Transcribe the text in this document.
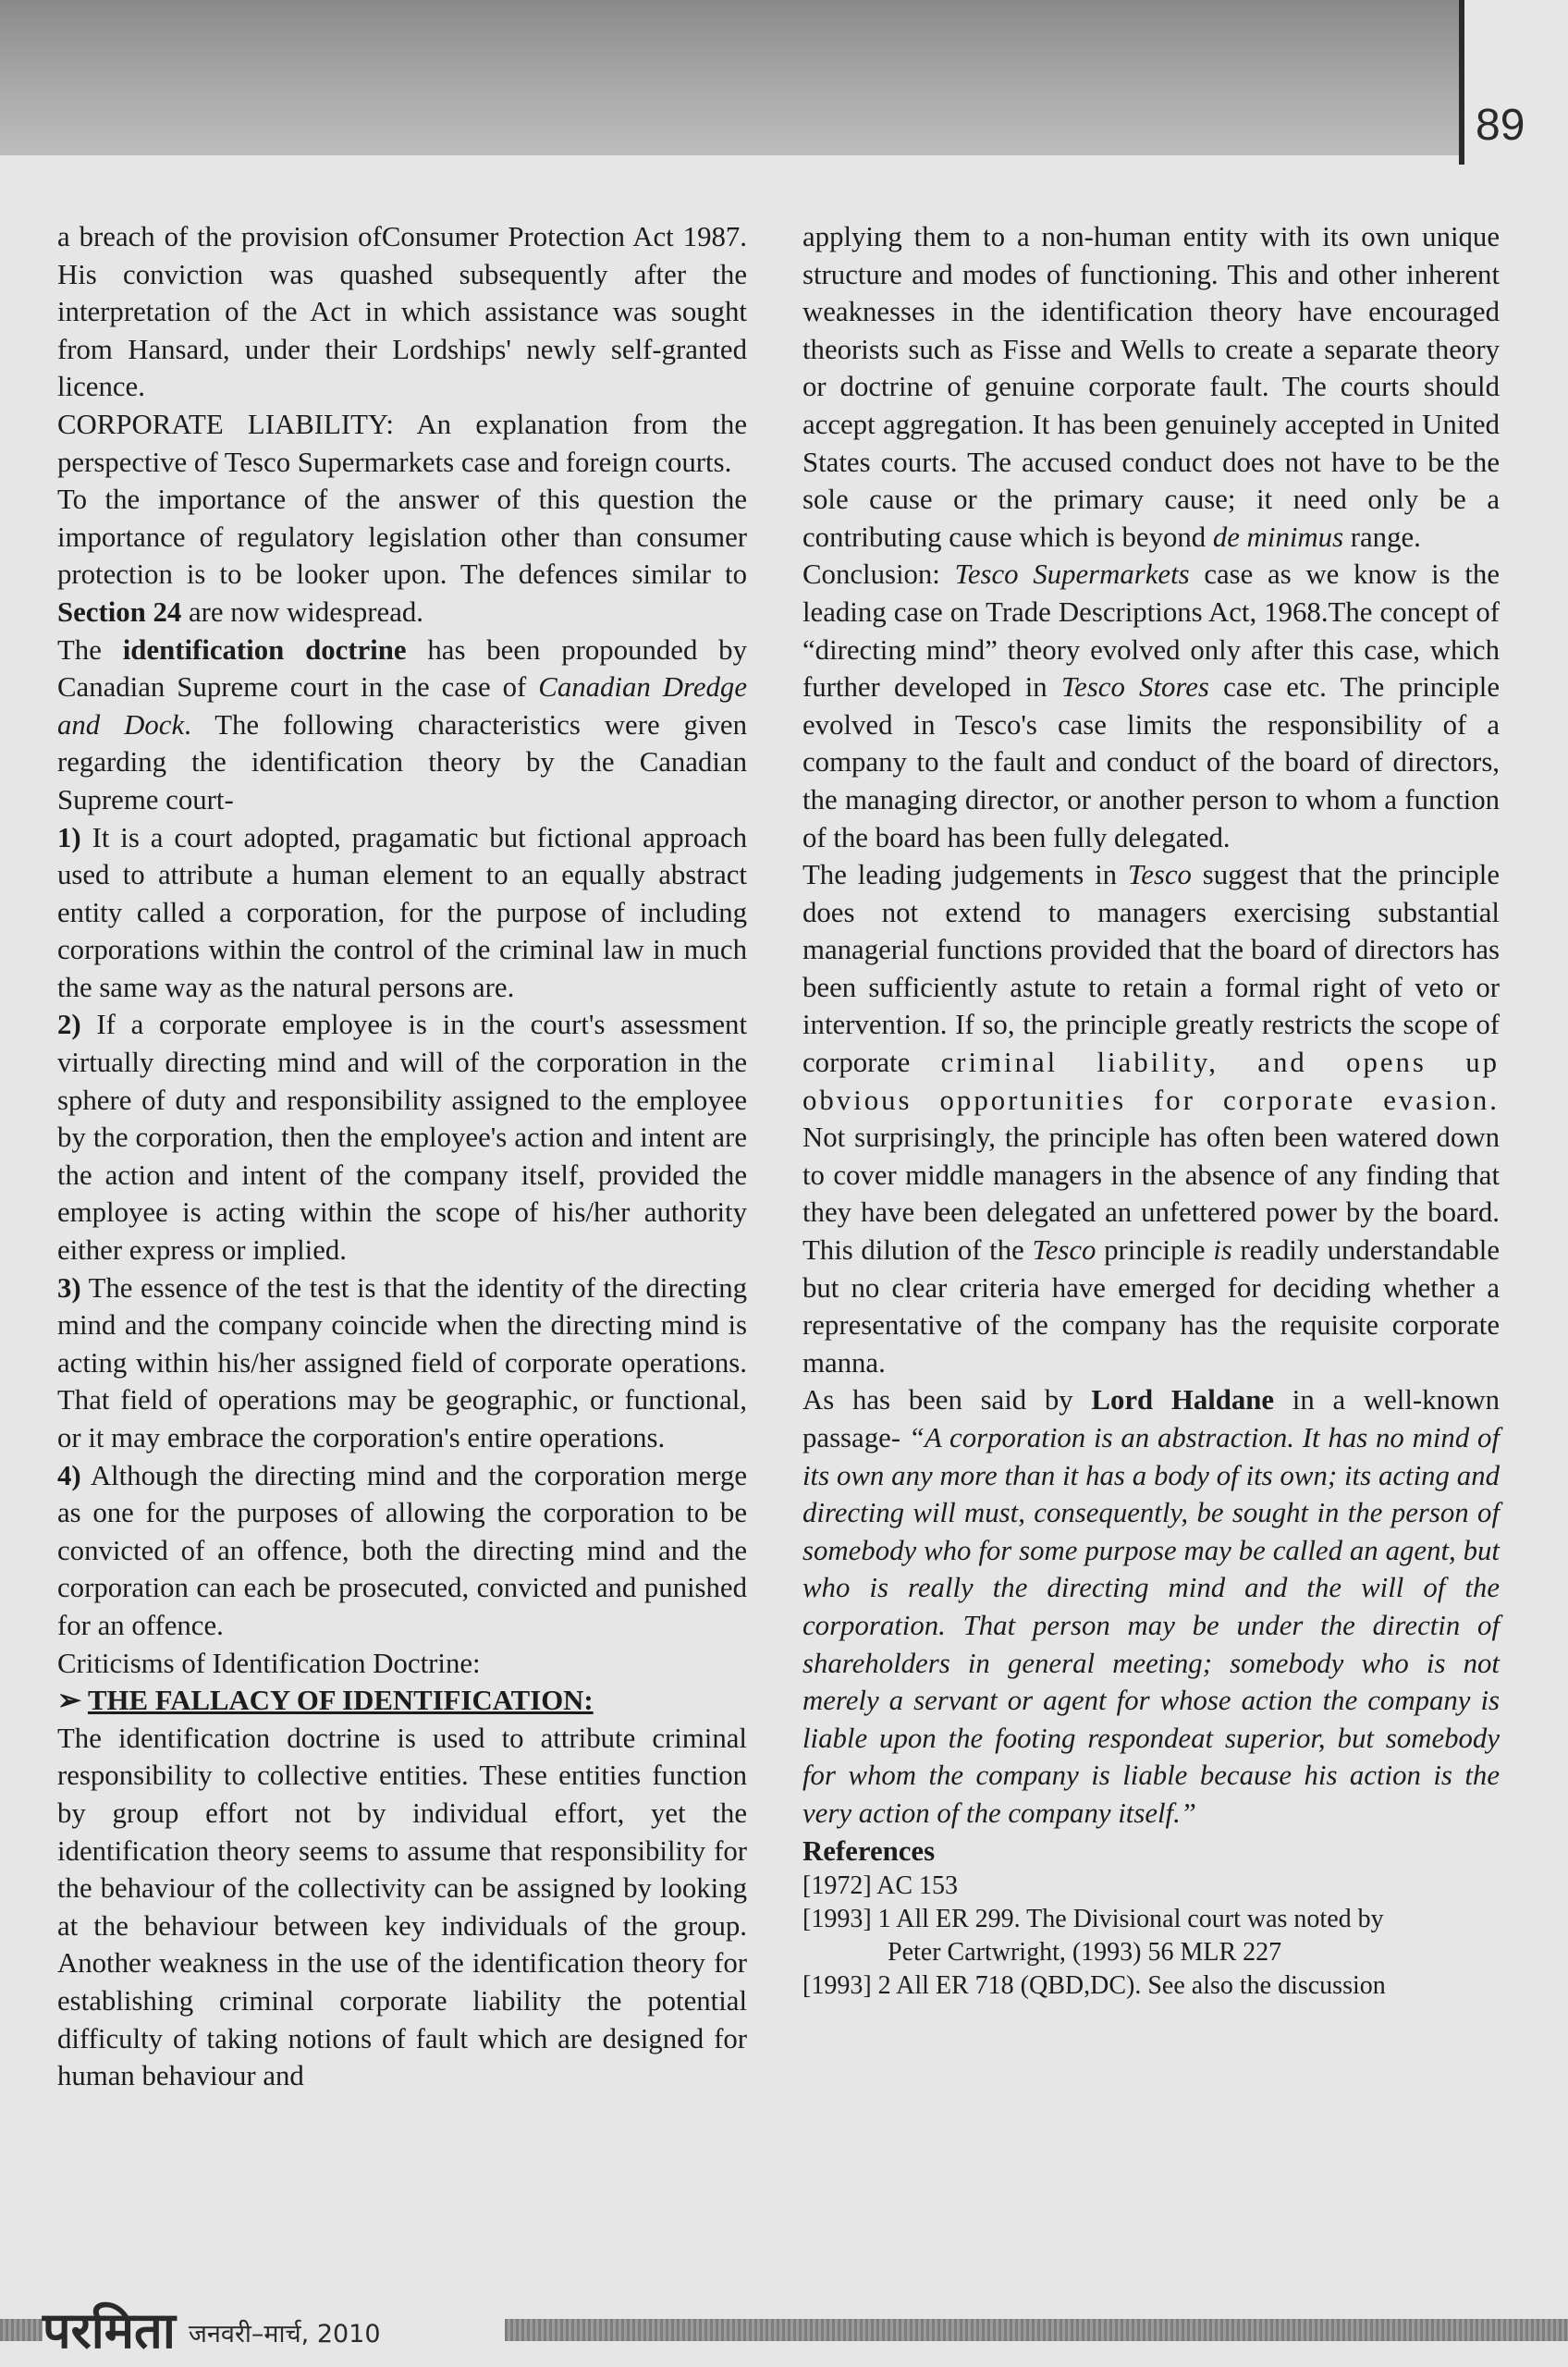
89

a breach of the provision ofConsumer Protection Act 1987. His conviction was quashed subsequently after the interpretation of the Act in which assistance was sought from Hansard, under their Lordships' newly self-granted licence.

CORPORATE LIABILITY: An explanation from the perspective of Tesco Supermarkets case and foreign courts.

To the importance of the answer of this question the importance of regulatory legislation other than consumer protection is to be looker upon. The defences similar to Section 24 are now widespread.

The identification doctrine has been propounded by Canadian Supreme court in the case of Canadian Dredge and Dock. The following characteristics were given regarding the identification theory by the Canadian Supreme court-

1) It is a court adopted, pragamatic but fictional approach used to attribute a human element to an equally abstract entity called a corporation, for the purpose of including corporations within the control of the criminal law in much the same way as the natural persons are.

2) If a corporate employee is in the court's assessment virtually directing mind and will of the corporation in the sphere of duty and responsibility assigned to the employee by the corporation, then the employee's action and intent are the action and intent of the company itself, provided the employee is acting within the scope of his/her authority either express or implied.

3) The essence of the test is that the identity of the directing mind and the company coincide when the directing mind is acting within his/her assigned field of corporate operations. That field of operations may be geographic, or functional, or it may embrace the corporation's entire operations.

4) Although the directing mind and the corporation merge as one for the purposes of allowing the corporation to be convicted of an offence, both the directing mind and the corporation can each be prosecuted, convicted and punished for an offence.

Criticisms of Identification Doctrine:

➢ THE FALLACY OF IDENTIFICATION:

The identification doctrine is used to attribute criminal responsibility to collective entities. These entities function by group effort not by individual effort, yet the identification theory seems to assume that responsibility for the behaviour of the collectivity can be assigned by looking at the behaviour between key individuals of the group. Another weakness in the use of the identification theory for establishing criminal corporate liability the potential difficulty of taking notions of fault which are designed for human behaviour and

applying them to a non-human entity with its own unique structure and modes of functioning. This and other inherent weaknesses in the identification theory have encouraged theorists such as Fisse and Wells to create a separate theory or doctrine of genuine corporate fault. The courts should accept aggregation. It has been genuinely accepted in United States courts. The accused conduct does not have to be the sole cause or the primary cause; it need only be a contributing cause which is beyond de minimus range.

Conclusion: Tesco Supermarkets case as we know is the leading case on Trade Descriptions Act, 1968.The concept of “directing mind” theory evolved only after this case, which further developed in Tesco Stores case etc. The principle evolved in Tesco's case limits the responsibility of a company to the fault and conduct of the board of directors, the managing director, or another person to whom a function of the board has been fully delegated.

The leading judgements in Tesco suggest that the principle does not extend to managers exercising substantial managerial functions provided that the board of directors has been sufficiently astute to retain a formal right of veto or intervention. If so, the principle greatly restricts the scope of corporate criminal liability, and opens up obvious opportunities for corporate evasion. Not surprisingly, the principle has often been watered down to cover middle managers in the absence of any finding that they have been delegated an unfettered power by the board. This dilution of the Tesco principle is readily understandable but no clear criteria have emerged for deciding whether a representative of the company has the requisite corporate manna.

As has been said by Lord Haldane in a well-known passage- “A corporation is an abstraction. It has no mind of its own any more than it has a body of its own; its acting and directing will must, consequently, be sought in the person of somebody who for some purpose may be called an agent, but who is really the directing mind and the will of the corporation. That person may be under the directin of shareholders in general meeting; somebody who is not merely a servant or agent for whose action the company is liable upon the footing respondeat superior, but somebody for whom the company is liable because his action is the very action of the company itself.”

References

[1972] AC 153

[1993] 1 All ER 299. The Divisional court was noted by

Peter Cartwright, (1993) 56 MLR 227

[1993] 2 All ER 718 (QBD,DC). See also the discussion

परमिता जनवरी–मार्च, 2010
